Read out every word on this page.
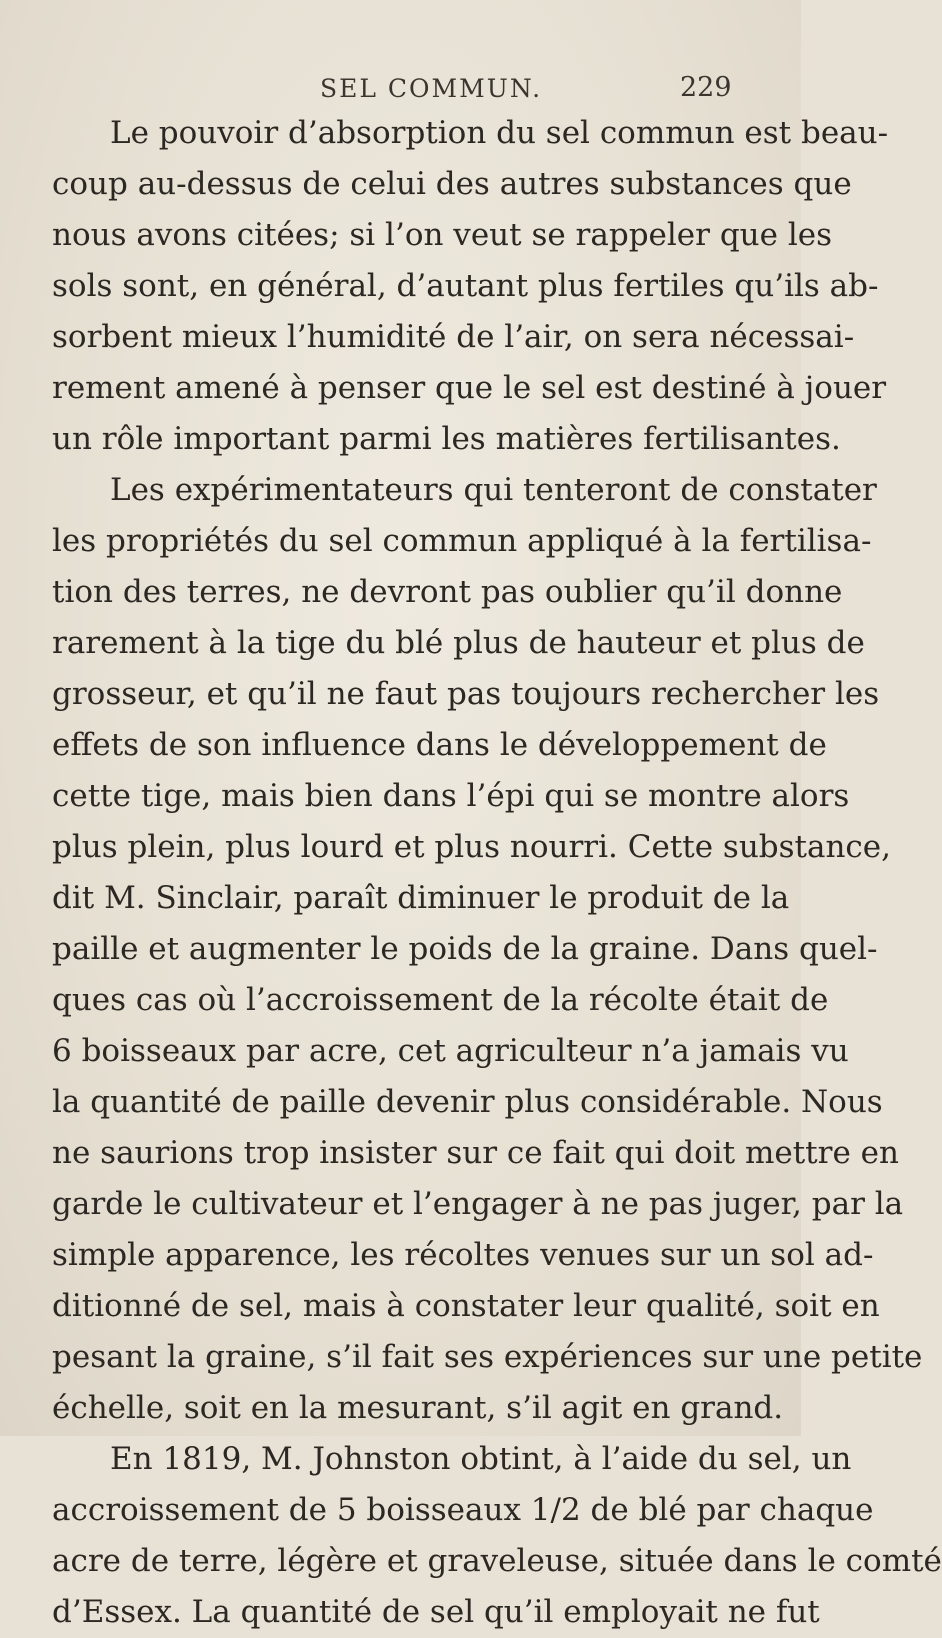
SEL COMMUN.	229
Le pouvoir d’absorption du sel commun est beau-
coup au-dessus de celui des autres substances que
nous avons citées; si l’on veut se rappeler que les
sols sont, en général, d’autant plus fertiles qu’ils ab-
sorbent mieux l’humidité de l’air, on sera nécessai-
rement amené à penser que le sel est destiné à jouer
un rôle important parmi les matières fertilisantes.
Les expérimentateurs qui tenteront de constater
les propriétés du sel commun appliqué à la fertilisa-
tion des terres, ne devront pas oublier qu’il donne
rarement à la tige du blé plus de hauteur et plus de
grosseur, et qu’il ne faut pas toujours rechercher les
effets de son influence dans le développement de
cette tige, mais bien dans l’épi qui se montre alors
plus plein, plus lourd et plus nourri. Cette substance,
dit M. Sinclair, paraît diminuer le produit de la
paille et augmenter le poids de la graine. Dans quel-
ques cas où l’accroissement de la récolte était de
6 boisseaux par acre, cet agriculteur n’a jamais vu
la quantité de paille devenir plus considérable. Nous
ne saurions trop insister sur ce fait qui doit mettre en
garde le cultivateur et l’engager à ne pas juger, par la
simple apparence, les récoltes venues sur un sol ad-
ditionné de sel, mais à constater leur qualité, soit en
pesant la graine, s’il fait ses expériences sur une petite
échelle, soit en la mesurant, s’il agit en grand.
En 1819, M. Johnston obtint, à l’aide du sel, un
accroissement de 5 boisseaux 1/2 de blé par chaque
acre de terre, légère et graveleuse, située dans le comté
d’Essex. La quantité de sel qu’il employait ne fut
